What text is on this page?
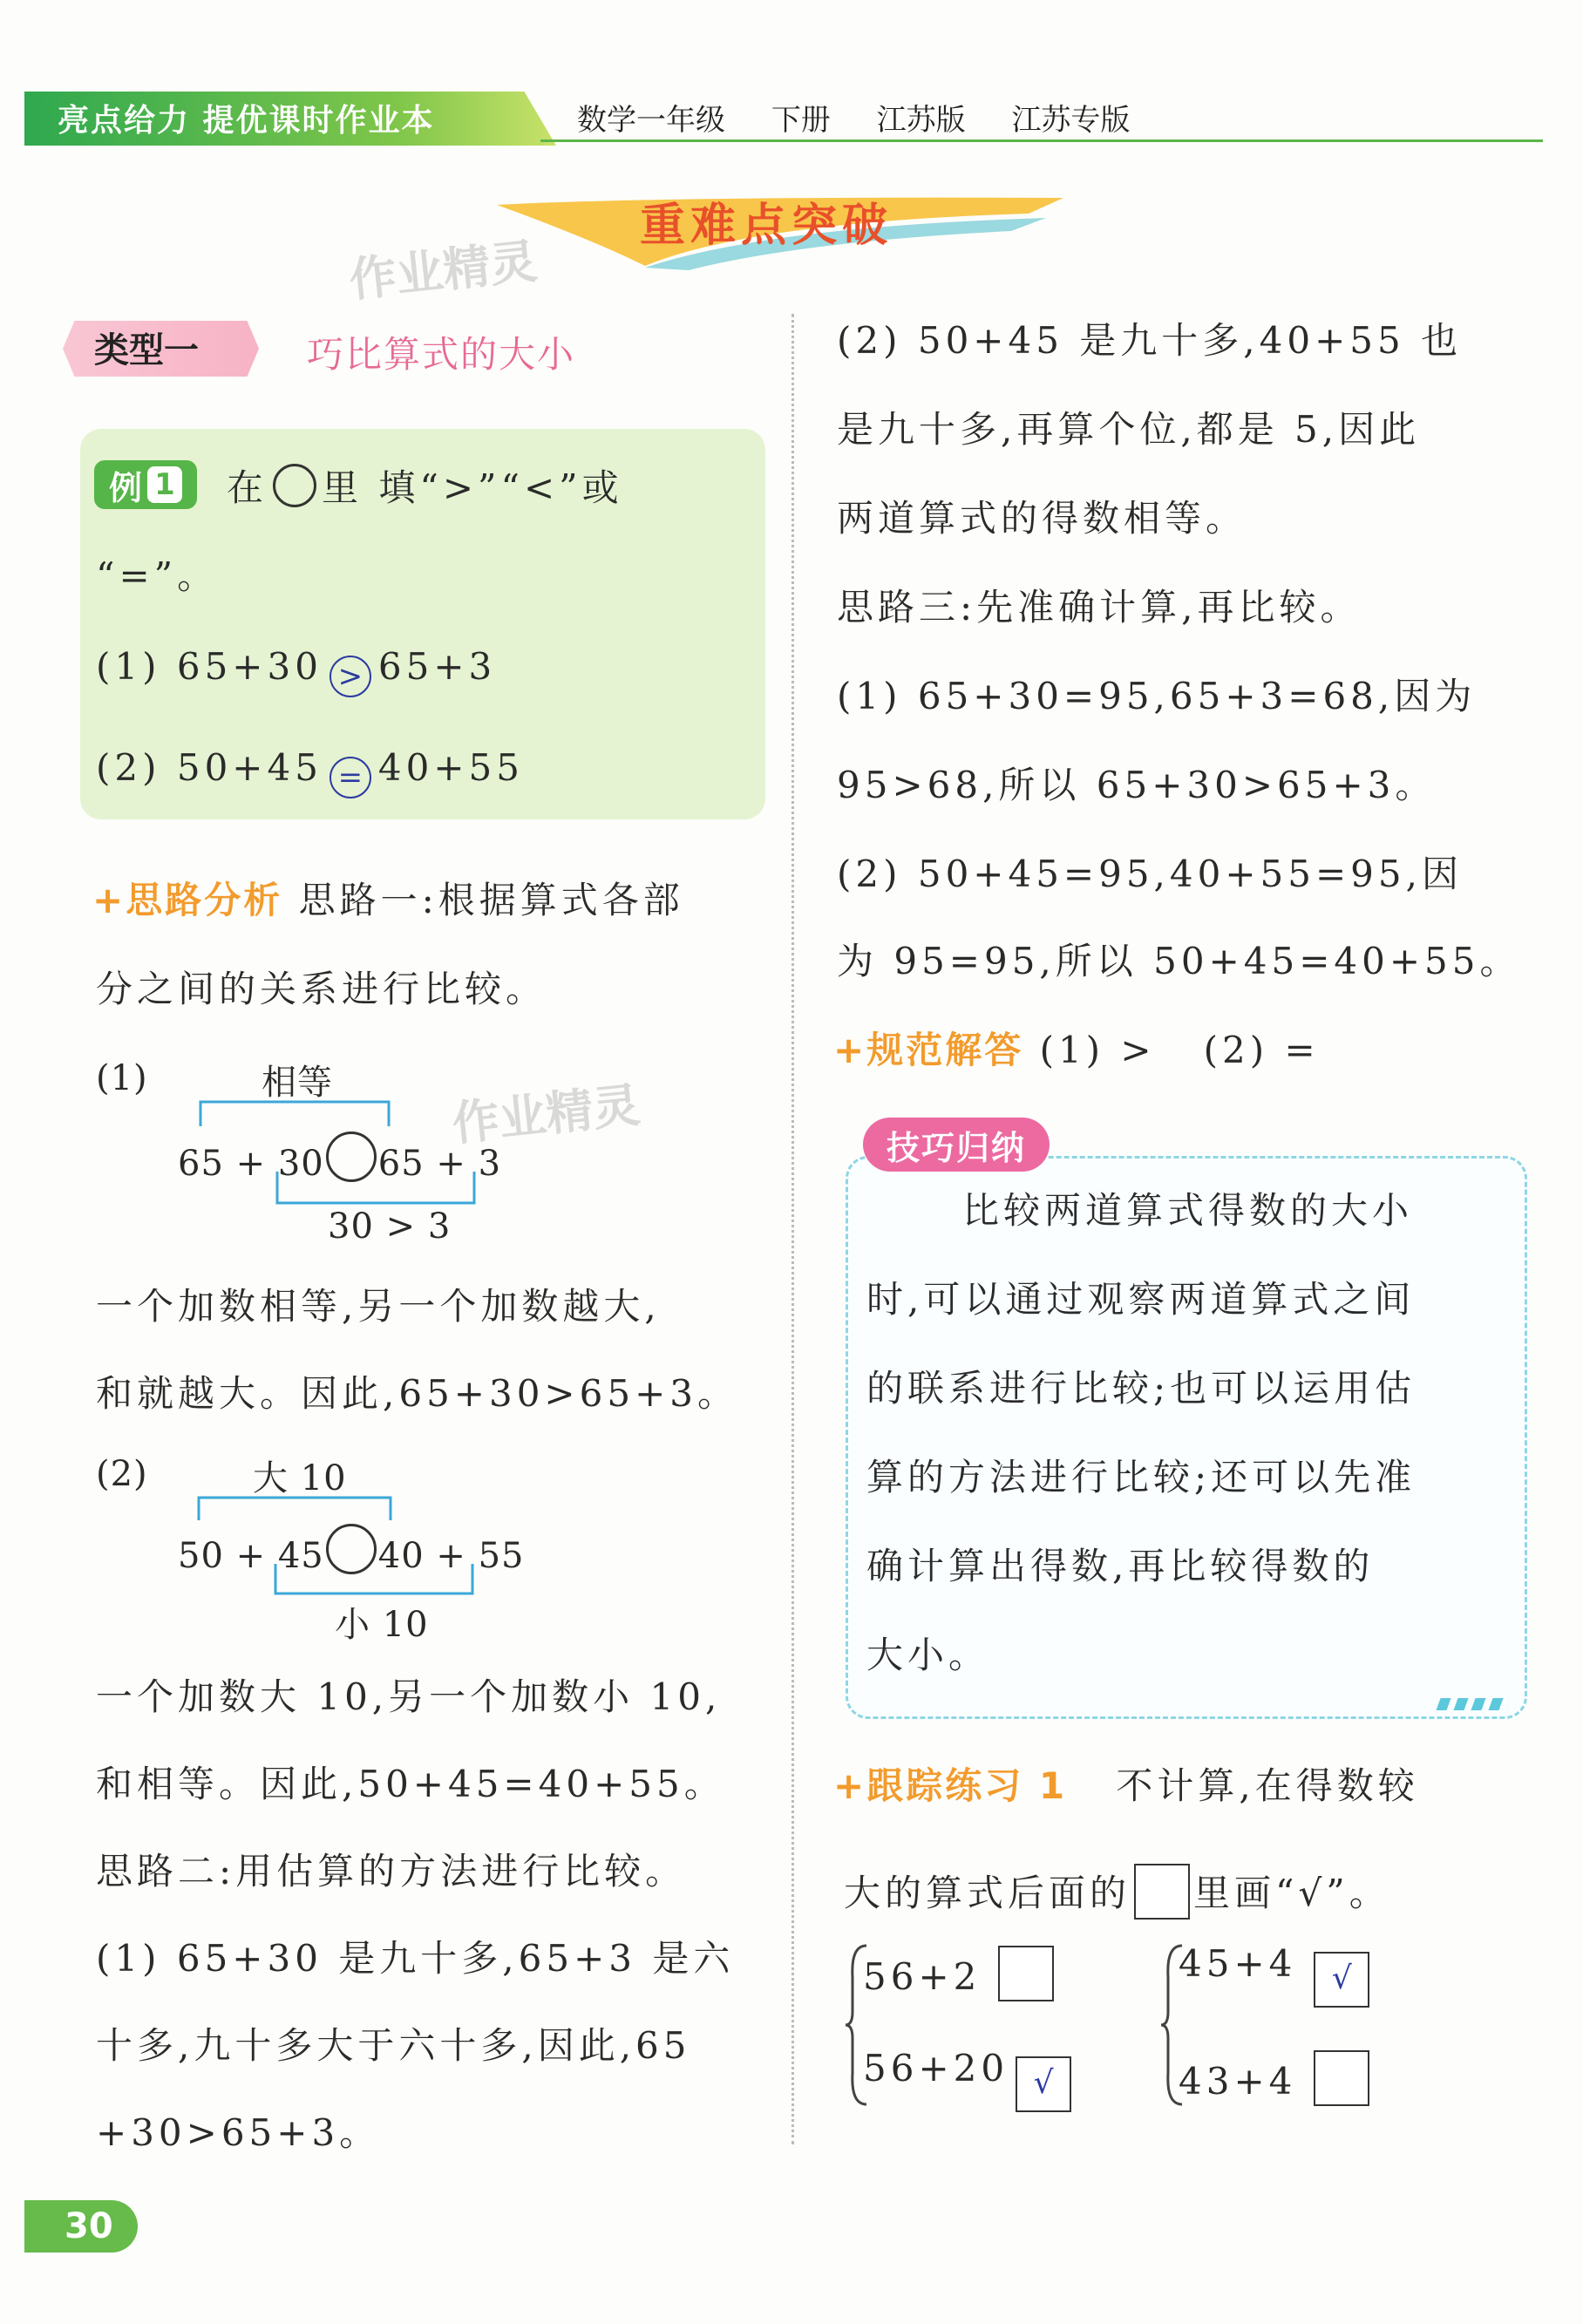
亮点给力 提优课时作业本	数学一年级 下册 江苏版 江苏专版
重难点突破
作业精灵
作业精灵
类型一	巧比算式的大小
例 1 在 里 填“>”“<”或
“=”。
(1) 65+30 > 65+3
(2) 50+45 = 40+55
+思路分析 思路一:根据算式各部
分之间的关系进行比较。
(1)	相等
65 + 30 65 + 3
30 > 3
一个加数相等,另一个加数越大,
和就越大。因此,65+30>65+3。
(2)	大 10
50 + 45 40 + 55
小 10
一个加数大 10,另一个加数小 10,
和相等。因此,50+45=40+55。
思路二:用估算的方法进行比较。
(1) 65+30 是九十多,65+3 是六
十多,九十多大于六十多,因此,65
+30>65+3。
(2) 50+45 是九十多,40+55 也
是九十多,再算个位,都是 5,因此
两道算式的得数相等。
思路三:先准确计算,再比较。
(1) 65+30=95,65+3=68,因为
95>68,所以 65+30>65+3。
(2) 50+45=95,40+55=95,因
为 95=95,所以 50+45=40+55。
+规范解答 (1) >   (2) =
技巧归纳
比较两道算式得数的大小
时,可以通过观察两道算式之间
的联系进行比较;也可以运用估
算的方法进行比较;还可以先准
确计算出得数,再比较得数的
大小。
+跟踪练习 1 不计算,在得数较
大的算式后面的 里画“√”。
56+2
56+20 √
45+4 √
43+4
30
